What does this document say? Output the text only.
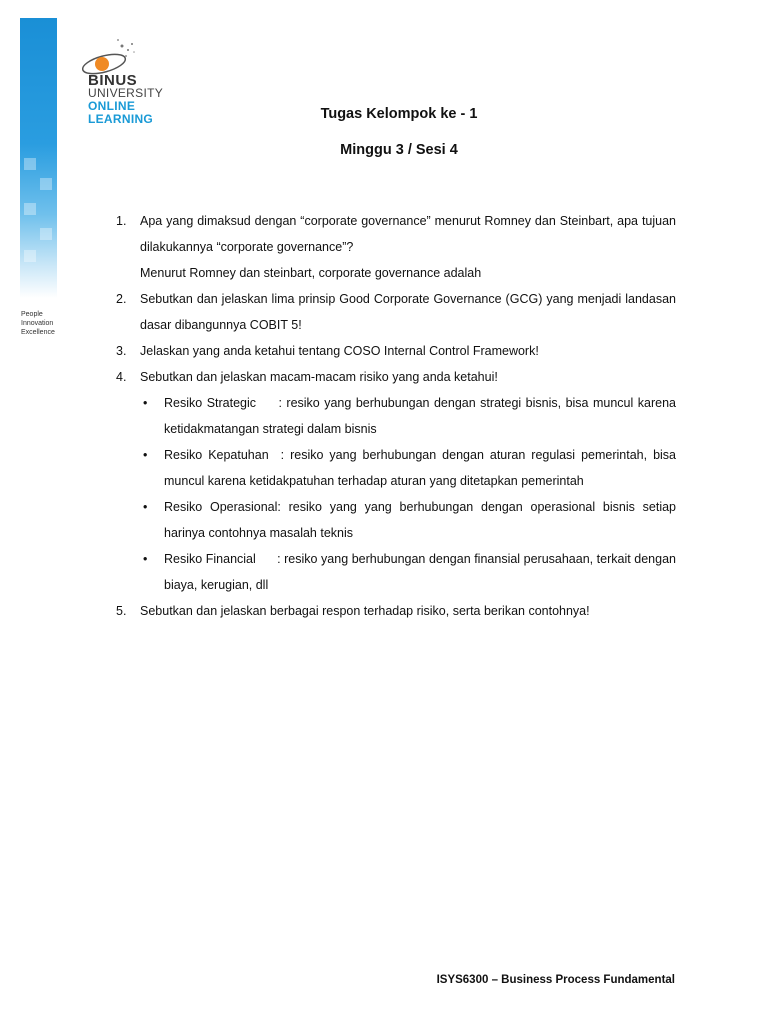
People
Innovation
Excellence
BINUS
UNIVERSITY
ONLINE
LEARNING	Tugas Kelompok ke - 1
Minggu 3 / Sesi 4
1. Apa yang dimaksud dengan “corporate governance” menurut Romney dan Steinbart, apa tujuan dilakukannya “corporate governance”?
Menurut Romney dan steinbart, corporate governance adalah
2. Sebutkan dan jelaskan lima prinsip Good Corporate Governance (GCG) yang menjadi landasan dasar dibangunnya COBIT 5!
3. Jelaskan yang anda ketahui tentang COSO Internal Control Framework!
4. Sebutkan dan jelaskan macam-macam risiko yang anda ketahui!
• Resiko Strategic     : resiko yang berhubungan dengan strategi bisnis, bisa muncul karena ketidakmatangan strategi dalam bisnis
• Resiko Kepatuhan  : resiko yang berhubungan dengan aturan regulasi pemerintah, bisa muncul karena ketidakpatuhan terhadap aturan yang ditetapkan pemerintah
• Resiko Operasional: resiko yang yang berhubungan dengan operasional bisnis setiap harinya contohnya masalah teknis
• Resiko Financial      : resiko yang berhubungan dengan finansial perusahaan, terkait dengan biaya, kerugian, dll
5. Sebutkan dan jelaskan berbagai respon terhadap risiko, serta berikan contohnya!
ISYS6300 – Business Process Fundamental
